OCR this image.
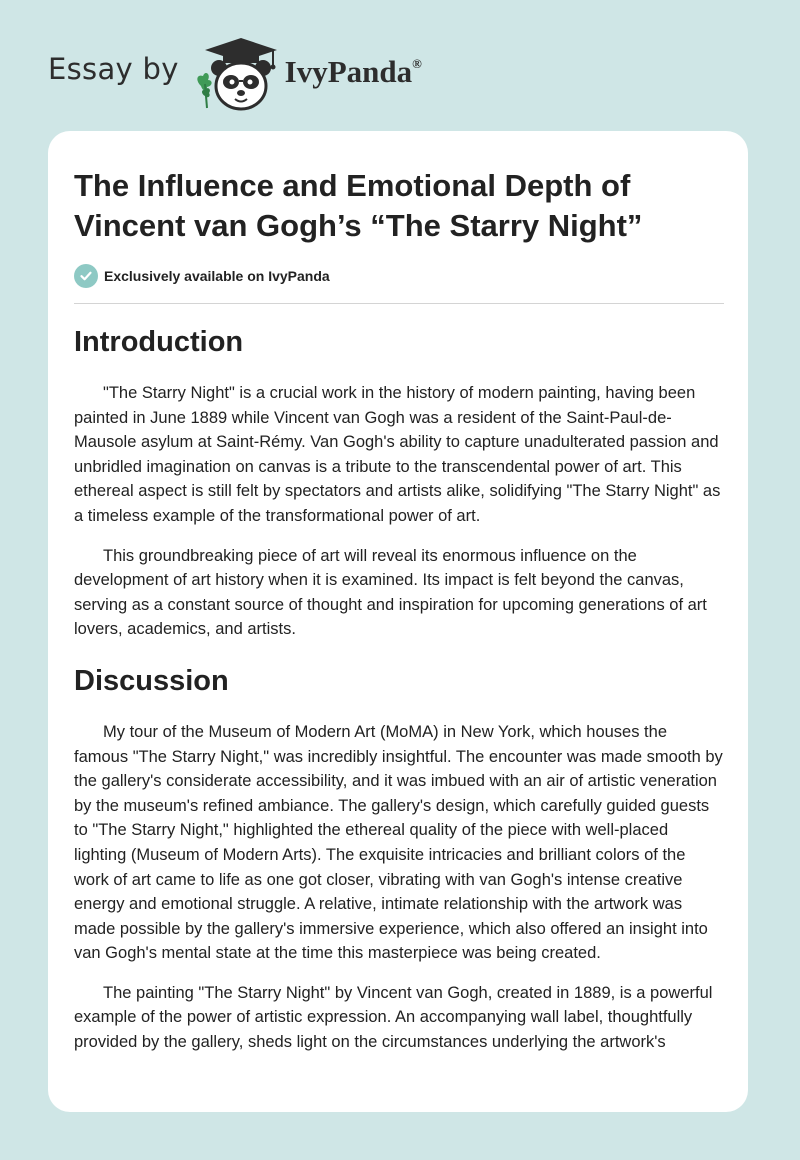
Essay by	IvyPanda®
The Influence and Emotional Depth of Vincent van Gogh’s “The Starry Night”
Exclusively available on IvyPanda
Introduction

"The Starry Night" is a crucial work in the history of modern painting, having been painted in June 1889 while Vincent van Gogh was a resident of the Saint-Paul-de-Mausole asylum at Saint-Rémy. Van Gogh's ability to capture unadulterated passion and unbridled imagination on canvas is a tribute to the transcendental power of art. This ethereal aspect is still felt by spectators and artists alike, solidifying "The Starry Night" as a timeless example of the transformational power of art.

This groundbreaking piece of art will reveal its enormous influence on the development of art history when it is examined. Its impact is felt beyond the canvas, serving as a constant source of thought and inspiration for upcoming generations of art lovers, academics, and artists.

Discussion

My tour of the Museum of Modern Art (MoMA) in New York, which houses the famous "The Starry Night," was incredibly insightful. The encounter was made smooth by the gallery's considerate accessibility, and it was imbued with an air of artistic veneration by the museum's refined ambiance. The gallery's design, which carefully guided guests to "The Starry Night," highlighted the ethereal quality of the piece with well-placed lighting (Museum of Modern Arts). The exquisite intricacies and brilliant colors of the work of art came to life as one got closer, vibrating with van Gogh's intense creative energy and emotional struggle. A relative, intimate relationship with the artwork was made possible by the gallery's immersive experience, which also offered an insight into van Gogh's mental state at the time this masterpiece was being created.

The painting "The Starry Night" by Vincent van Gogh, created in 1889, is a powerful example of the power of artistic expression. An accompanying wall label, thoughtfully provided by the gallery, sheds light on the circumstances underlying the artwork's
